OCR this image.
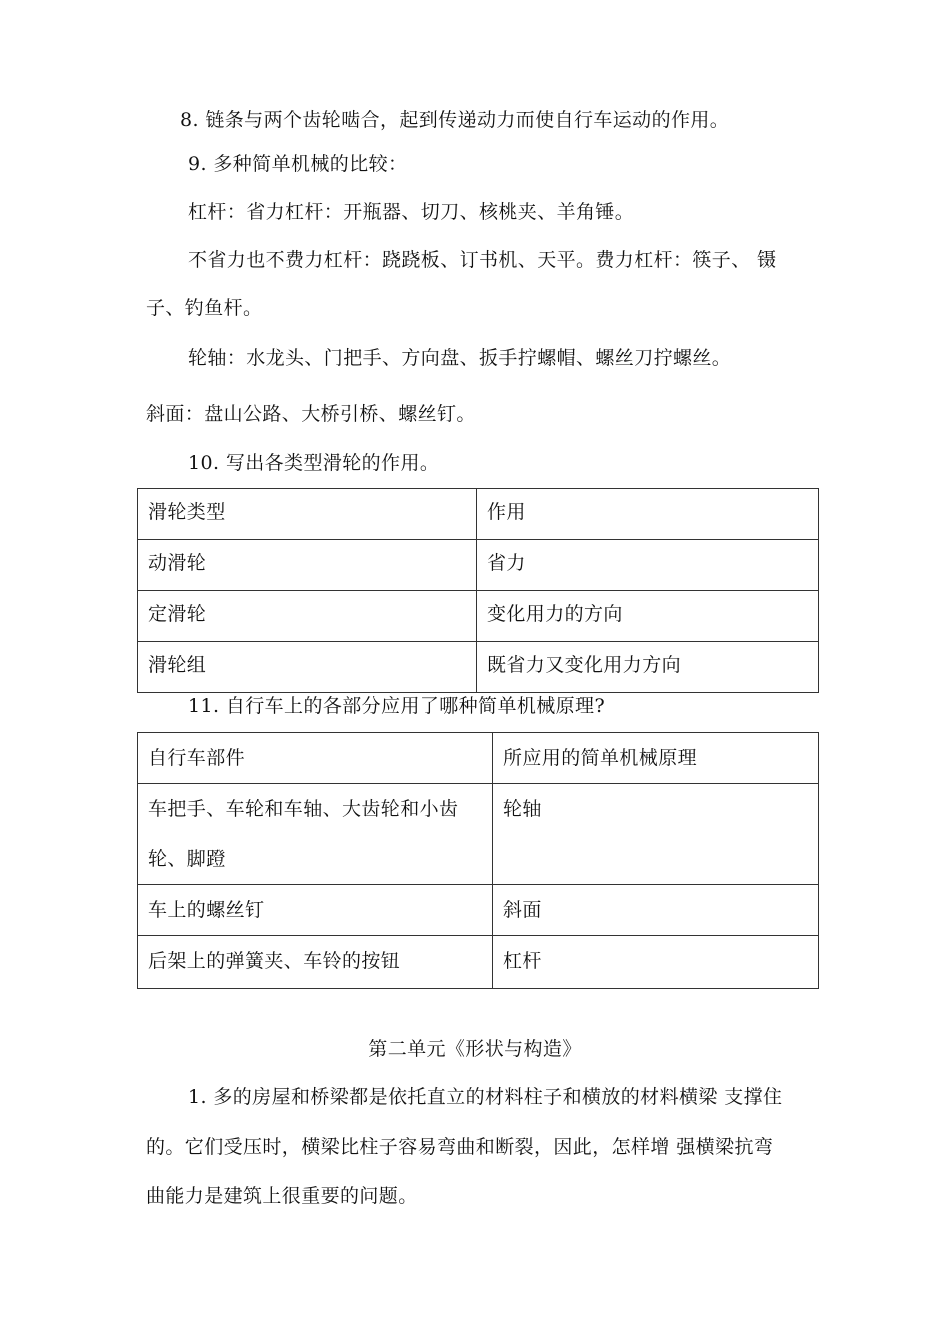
8. 链条与两个齿轮啮合，起到传递动力而使自行车运动的作用。
9. 多种简单机械的比较：
杠杆：省力杠杆：开瓶器、切刀、核桃夹、羊角锤。
不省力也不费力杠杆：跷跷板、订书机、天平。费力杠杆：筷子、 镊
子、钓鱼杆。
轮轴：水龙头、门把手、方向盘、扳手拧螺帽、螺丝刀拧螺丝。
斜面：盘山公路、大桥引桥、螺丝钉。
10. 写出各类型滑轮的作用。
滑轮类型	作用
动滑轮	省力
定滑轮	变化用力的方向
滑轮组	既省力又变化用力方向
11. 自行车上的各部分应用了哪种简单机械原理?
自行车部件	所应用的简单机械原理
车把手、车轮和车轴、大齿轮和小齿轮、脚蹬	轮轴
车上的螺丝钉	斜面
后架上的弹簧夹、车铃的按钮	杠杆
第二单元《形状与构造》
1. 多的房屋和桥梁都是依托直立的材料柱子和横放的材料横梁 支撑住
的。它们受压时，横梁比柱子容易弯曲和断裂，因此，怎样增 强横梁抗弯
曲能力是建筑上很重要的问题。
